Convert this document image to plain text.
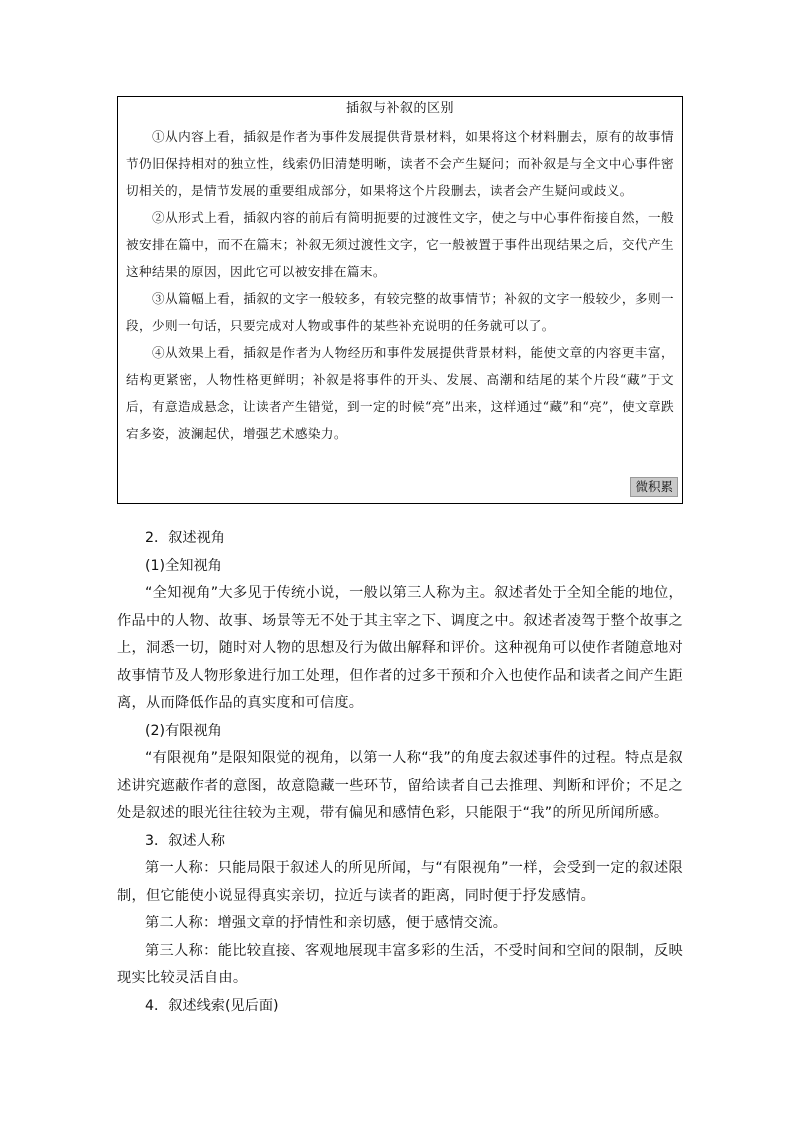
插叙与补叙的区别

①从内容上看，插叙是作者为事件发展提供背景材料，如果将这个材料删去，原有的故事情节仍旧保持相对的独立性，线索仍旧清楚明晰，读者不会产生疑问；而补叙是与全文中心事件密切相关的，是情节发展的重要组成部分，如果将这个片段删去，读者会产生疑问或歧义。

②从形式上看，插叙内容的前后有简明扼要的过渡性文字，使之与中心事件衔接自然，一般被安排在篇中，而不在篇末；补叙无须过渡性文字，它一般被置于事件出现结果之后，交代产生这种结果的原因，因此它可以被安排在篇末。

③从篇幅上看，插叙的文字一般较多，有较完整的故事情节；补叙的文字一般较少，多则一段，少则一句话，只要完成对人物或事件的某些补充说明的任务就可以了。

④从效果上看，插叙是作者为人物经历和事件发展提供背景材料，能使文章的内容更丰富，结构更紧密，人物性格更鲜明；补叙是将事件的开头、发展、高潮和结尾的某个片段“藏”于文后，有意造成悬念，让读者产生错觉，到一定的时候“亮”出来，这样通过“藏”和“亮”，使文章跌宕多姿，波澜起伏，增强艺术感染力。

微积累

2．叙述视角

(1)全知视角

“全知视角”大多见于传统小说，一般以第三人称为主。叙述者处于全知全能的地位，作品中的人物、故事、场景等无不处于其主宰之下、调度之中。叙述者凌驾于整个故事之上，洞悉一切，随时对人物的思想及行为做出解释和评价。这种视角可以使作者随意地对故事情节及人物形象进行加工处理，但作者的过多干预和介入也使作品和读者之间产生距离，从而降低作品的真实度和可信度。

(2)有限视角

“有限视角”是限知限觉的视角，以第一人称“我”的角度去叙述事件的过程。特点是叙述讲究遮蔽作者的意图，故意隐藏一些环节，留给读者自己去推理、判断和评价；不足之处是叙述的眼光往往较为主观，带有偏见和感情色彩，只能限于“我”的所见所闻所感。

3．叙述人称

第一人称：只能局限于叙述人的所见所闻，与“有限视角”一样，会受到一定的叙述限制，但它能使小说显得真实亲切，拉近与读者的距离，同时便于抒发感情。

第二人称：增强文章的抒情性和亲切感，便于感情交流。

第三人称：能比较直接、客观地展现丰富多彩的生活，不受时间和空间的限制，反映现实比较灵活自由。

4．叙述线索(见后面)
